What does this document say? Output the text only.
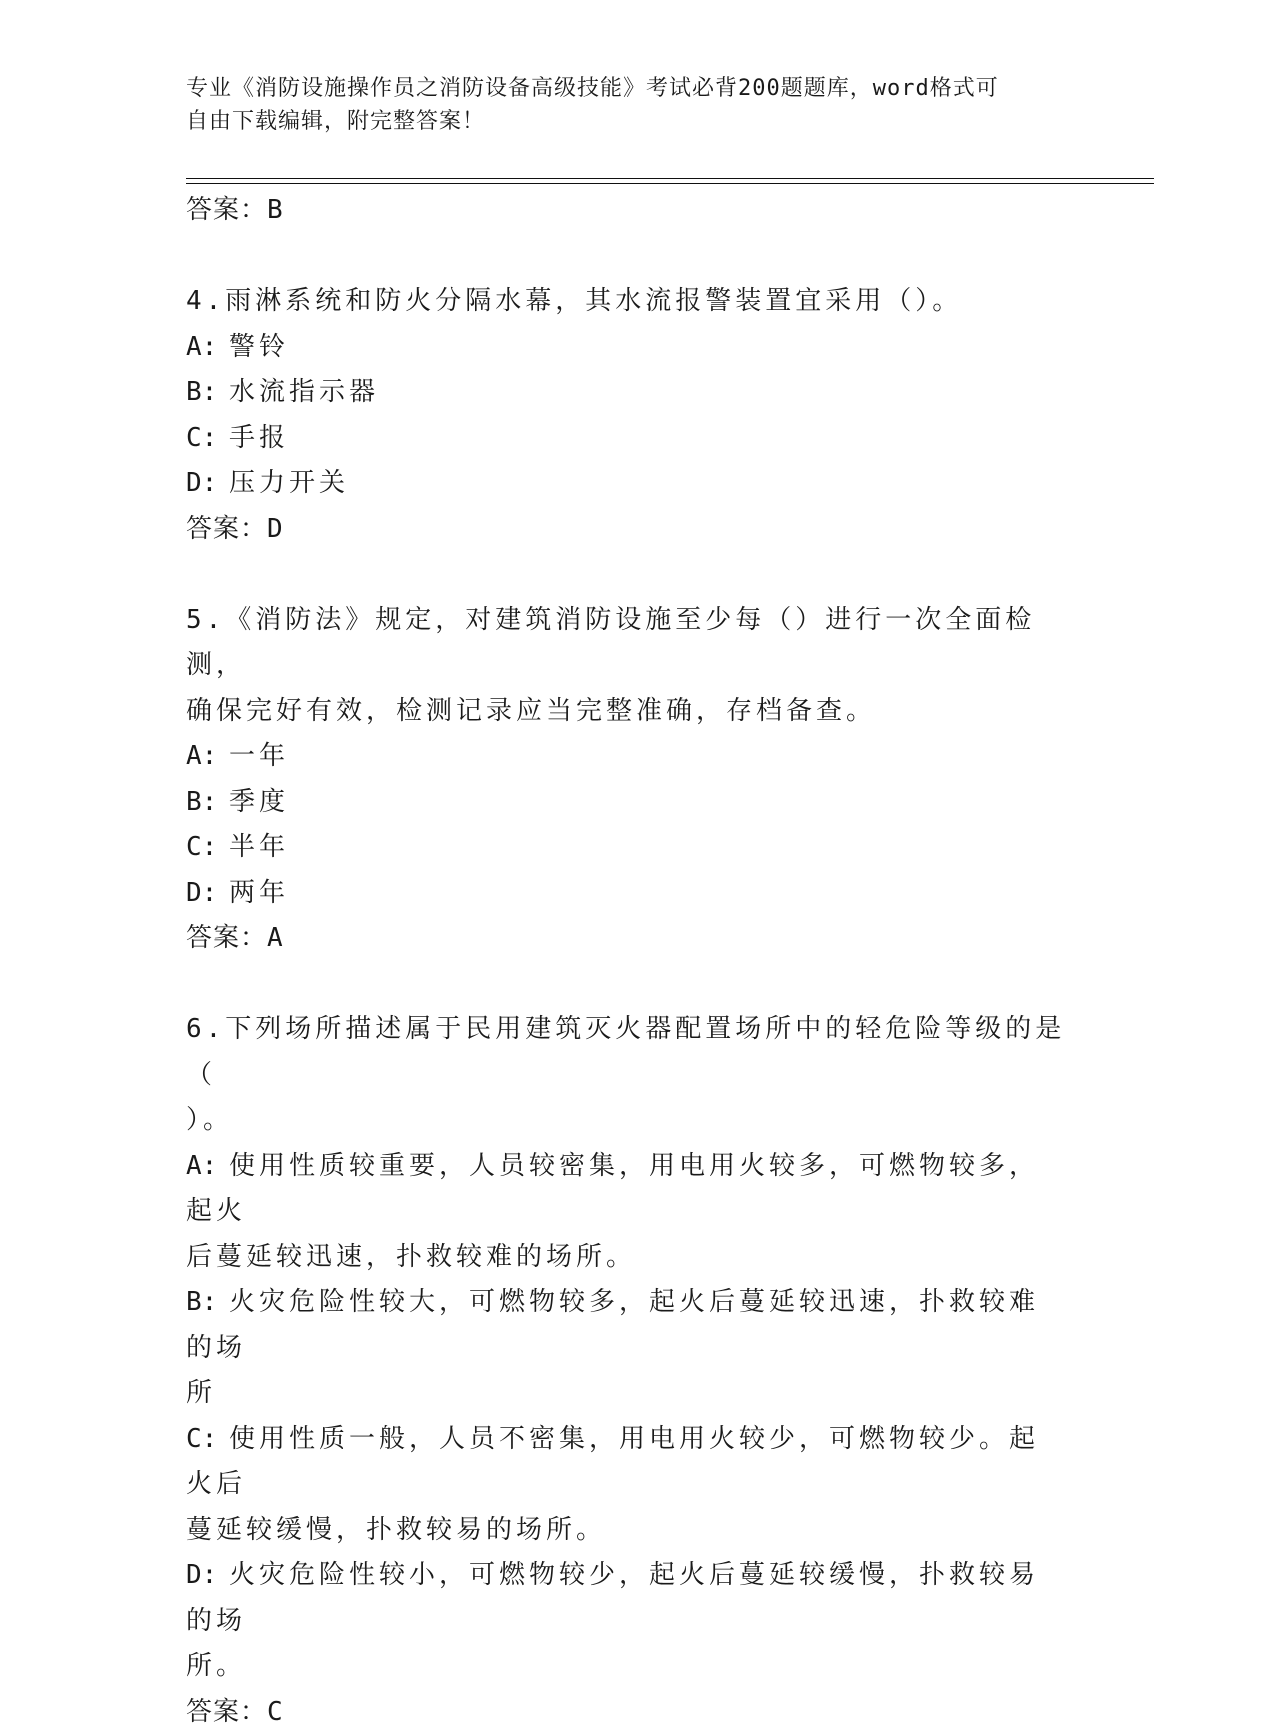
专业《消防设施操作员之消防设备高级技能》考试必背200题题库，word格式可
自由下载编辑，附完整答案！
答案：B
4.雨淋系统和防火分隔水幕，其水流报警装置宜采用（）。
A: 警铃
B: 水流指示器
C: 手报
D: 压力开关
答案：D
5.《消防法》规定，对建筑消防设施至少每（）进行一次全面检测，
确保完好有效，检测记录应当完整准确，存档备查。
A: 一年
B: 季度
C: 半年
D: 两年
答案：A
6.下列场所描述属于民用建筑灭火器配置场所中的轻危险等级的是（
）。
A: 使用性质较重要，人员较密集，用电用火较多，可燃物较多，起火
后蔓延较迅速，扑救较难的场所。
B: 火灾危险性较大，可燃物较多，起火后蔓延较迅速，扑救较难的场
所
C: 使用性质一般，人员不密集，用电用火较少，可燃物较少。起火后
蔓延较缓慢，扑救较易的场所。
D: 火灾危险性较小，可燃物较少，起火后蔓延较缓慢，扑救较易的场
所。
答案：C
